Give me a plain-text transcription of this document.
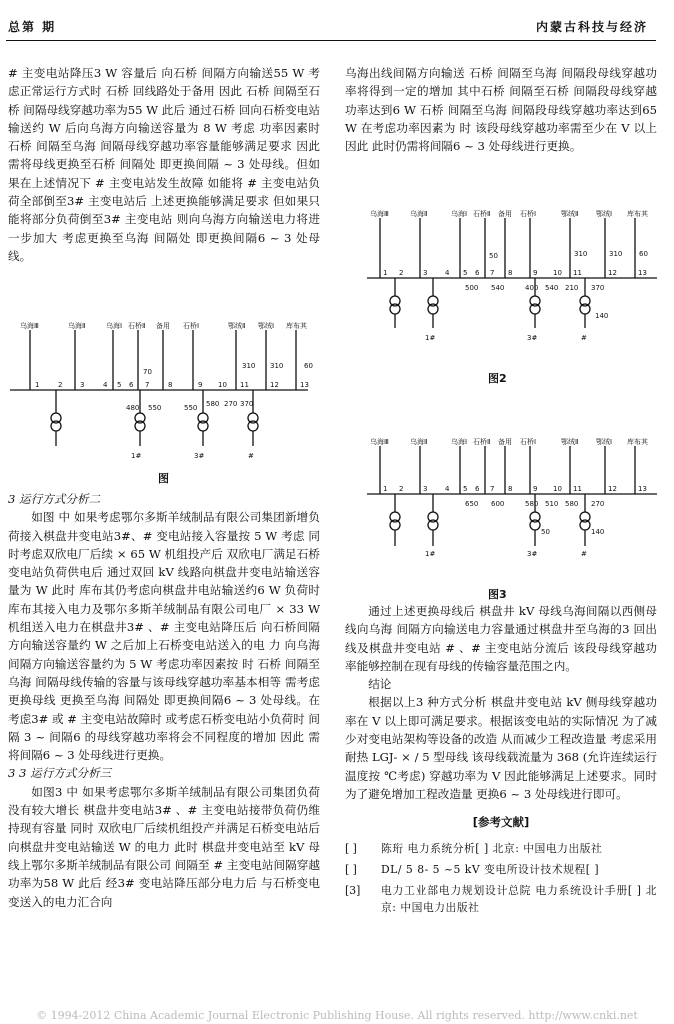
总第 期	内蒙古科技与经济

# 主变电站降压3 W 容量后 向石桥 间隔方向输送55 W 考虑正常运行方式时 石桥 回线路处于备用 因此 石桥 间隔至石桥 间隔母线穿越功率为55 W 此后 通过石桥 回向石桥变电站输送约 W 后向乌海方向输送容量为 8 W 考虑 功率因素时 石桥 间隔至乌海 间隔母线穿越功率容量能够满足要求 因此 需将母线更换至石桥 间隔处 即更换间隔 ~ 3 处母线。但如果在上述情况下 # 主变电站发生故障 如能将 # 主变电站负荷全部倒至3# 主变电站后 上述更换能够满足要求 但如果只能将部分负荷倒至3# 主变电站 则向乌海方向输送电力将进一步加大 考虑更换至乌海 间隔处 即更换间隔6 ~ 3 处母线。

乌海Ⅲ	乌海Ⅱ	乌海Ⅰ 石桥Ⅱ 备用 石桥Ⅰ	鄂绒Ⅱ 鄂绒Ⅰ 库布其
1	2	3	4 5 6 7	8	9 10 11	12	13
70
480 550	550 580 270 370
310 310	60
1#	3#	#
图

3 运行方式分析二

如图 中 如果考虑鄂尔多斯羊绒制品有限公司集团新增负荷接入棋盘井变电站3#、# 变电站接入容量按 5 W 考虑 同时考虑双欣电厂后续 × 65 W 机组投产后 双欣电厂满足石桥变电站负荷供电后 通过双回 kV 线路向棋盘井变电站输送容量为 W 此时 库布其仍考虑向棋盘井电站输送约6 W 负荷时 库布其接入电力及鄂尔多斯羊绒制品有限公司电厂 × 33 W 机组送入电力在棋盘井3# 、# 主变电站降压后 向石桥间隔方向输送容量约 W 之后加上石桥变电站送入的电 力 向乌海间隔方向输送容量约为 5 W 考虑功率因素按 时 石桥 间隔至乌海 间隔母线传输的容量与该母线穿越功率基本相等 需考虑更换母线 更换至乌海 间隔处 即更换间隔6 ~ 3 处母线。在考虑3# 或 # 主变电站故障时 或考虑石桥变电站小负荷时 间隔 3 ~ 间隔6 的母线穿越功率将会不同程度的增加 因此 需将间隔6 ~ 3 处母线进行更换。

3 3 运行方式分析三

如图3 中 如果考虑鄂尔多斯羊绒制品有限公司集团负荷没有较大增长 棋盘井变电站3# 、# 主变电站接带负荷仍维持现有容量 同时 双欣电厂后续机组投产并满足石桥变电站后 向棋盘井变电站输送 W 的电力 此时 棋盘井变电站至 kV 母线上鄂尔多斯羊绒制品有限公司 间隔至 # 主变电站间隔穿越功率为58 W 此后 经3# 变电站降压部分电力后 与石桥变电变送入的电力汇合向

乌海出线间隔方向输送 石桥 间隔至乌海 间隔段母线穿越功率将得到一定的增加 其中石桥 间隔至石桥 间隔段母线穿越功率达到6 W 石桥 间隔至乌海 间隔段母线穿越功率达到65 W 在考虑功率因素为 时 该段母线穿越功率需至少在 V 以上 因此 此时仍需将间隔6 ~ 3 处母线进行更换。

乌海Ⅲ	乌海Ⅱ	乌海Ⅰ 石桥Ⅱ 备用 石桥Ⅰ	鄂绒Ⅱ	鄂绒Ⅰ 库布其
1 2	3	4 5 6 7 8	9 10 11	12	13
50
500 540	400 540 210 370
310	310 60
140
1#	3#	#
图2
乌海Ⅲ	乌海Ⅱ	乌海Ⅰ 石桥Ⅱ 备用 石桥Ⅰ	鄂绒Ⅱ	鄂绒Ⅰ 库布其
1 2	3	4 5 6 7 8	9 10 11	12	13
650 600	580 510 580 270
50	140
1#	3#	#
图3

通过上述更换母线后 棋盘井 kV 母线乌海间隔以西侧母线向乌海 间隔方向输送电力容量通过棋盘井至乌海的3 回出线及棋盘井变电站 # 、# 主变电站分流后 该段母线穿越功率能够控制在现有母线的传输容量范围之内。

结论

根据以上3 种方式分析 棋盘井变电站 kV 侧母线穿越功率在 V 以上即可满足要求。根据该变电站的实际情况 为了减少对变电站架构等设备的改造 从而减少工程改造量 考虑采用耐热 LGJ- × / 5 型母线 该母线载流量为 368 (允许连续运行温度按 ℃考虑) 穿越功率为 V 因此能够满足上述要求。同时 为了避免增加工程改造量 更换6 ~ 3 处母线进行即可。

[参考文献]
[ ]	陈珩 电力系统分析[ ] 北京: 中国电力出版社
[ ]	DL/ 5 8- 5 ~5 kV 变电所设计技术规程[ ]
[3]	电力工业部电力规划设计总院 电力系统设计手册[ ] 北京: 中国电力出版社
© 1994-2012 China Academic Journal Electronic Publishing House. All rights reserved. http://www.cnki.net
